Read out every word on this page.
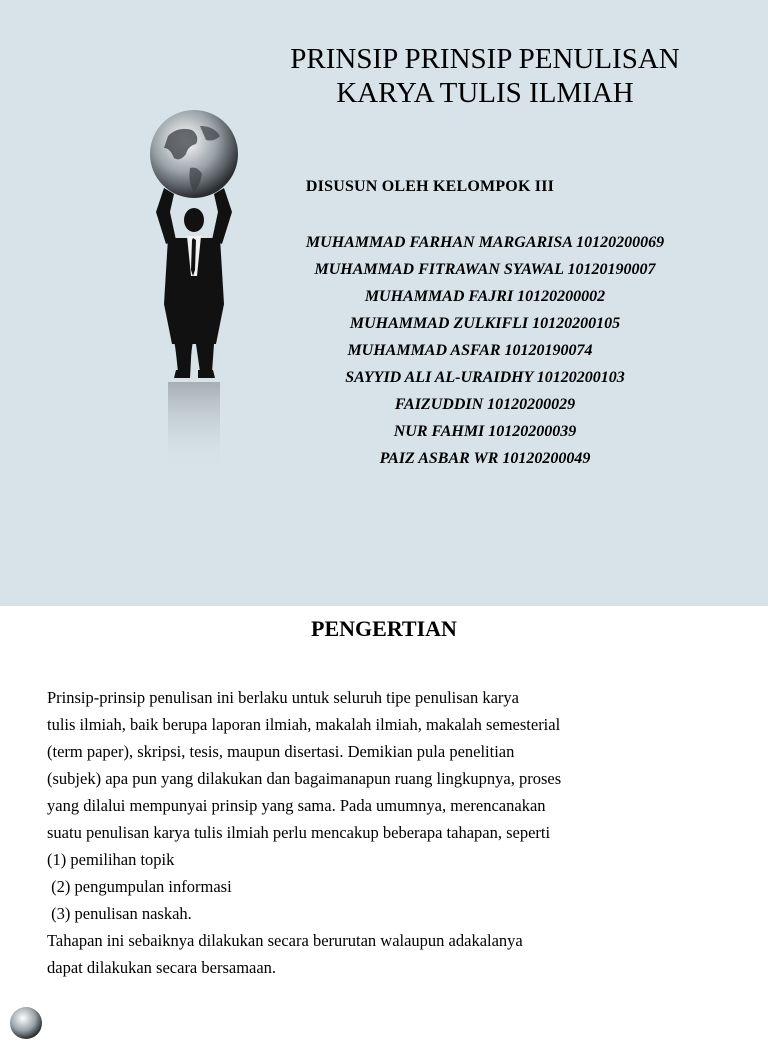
PRINSIP PRINSIP PENULISAN
KARYA TULIS ILMIAH
DISUSUN OLEH KELOMPOK III
MUHAMMAD FARHAN MARGARISA 10120200069
MUHAMMAD FITRAWAN SYAWAL 10120190007
MUHAMMAD FAJRI 10120200002
MUHAMMAD ZULKIFLI 10120200105
MUHAMMAD ASFAR 10120190074
SAYYID ALI AL-URAIDHY 10120200103
FAIZUDDIN 10120200029
NUR FAHMI 10120200039
PAIZ ASBAR WR 10120200049
PENGERTIAN
Prinsip-prinsip penulisan ini berlaku untuk seluruh tipe penulisan karya
tulis ilmiah, baik berupa laporan ilmiah, makalah ilmiah, makalah semesterial
(term paper), skripsi, tesis, maupun disertasi. Demikian pula penelitian
(subjek) apa pun yang dilakukan dan bagaimanapun ruang lingkupnya, proses
yang dilalui mempunyai prinsip yang sama. Pada umumnya, merencanakan
suatu penulisan karya tulis ilmiah perlu mencakup beberapa tahapan, seperti
(1) pemilihan topik
(2) pengumpulan informasi
(3) penulisan naskah.
Tahapan ini sebaiknya dilakukan secara berurutan walaupun adakalanya
dapat dilakukan secara bersamaan.
